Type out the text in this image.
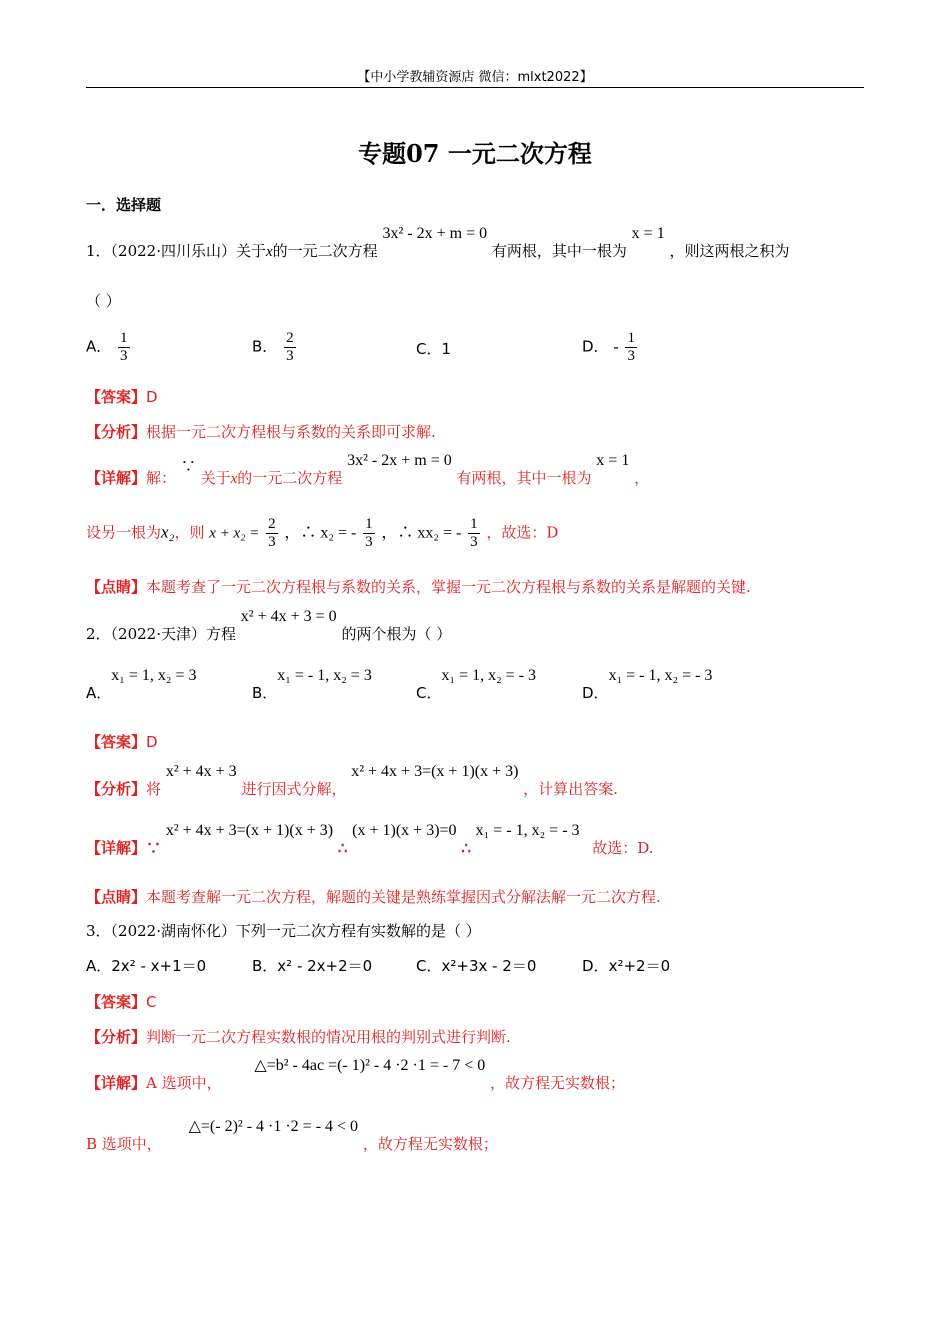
【中小学教辅资源店 微信：mlxt2022】
专题07 一元二次方程
一．选择题
1．（2022·四川乐山）关于x的一元二次方程 3x² - 2x + m = 0 有两根，其中一根为 x = 1 ，则这两根之积为
（ ）
A． $\frac{1}{3}$	B． $\frac{2}{3}$	C．1	D． - $\frac{1}{3}$
【答案】D
【分析】根据一元二次方程根与系数的关系即可求解.
【详解】解： ∵ 关于x的一元二次方程 3x² - 2x + m = 0 有两根，其中一根为 x = 1 ，
设另一根为x₂，则 $x + x_2 = \frac{2}{3}$ ，∴ x₂ = - $\frac{1}{3}$ ，∴ xx₂ = - $\frac{1}{3}$ ，故选：D
【点睛】本题考查了一元二次方程根与系数的关系，掌握一元二次方程根与系数的关系是解题的关键.
2．（2022·天津）方程 x² + 4x + 3 = 0 的两个根为（ ）
A．x₁ = 1, x₂ = 3
B．x₁ = - 1, x₂ = 3
C．x₁ = 1, x₂ = - 3
D．x₁ = - 1, x₂ = - 3
【答案】D
【分析】将 x² + 4x + 3 进行因式分解， x² + 4x + 3=(x + 1)(x + 3) ，计算出答案.
【详解】∵ x² + 4x + 3=(x + 1)(x + 3) ∴ (x + 1)(x + 3)=0 ∴ x₁ = - 1, x₂ = - 3 故选：D.
【点睛】本题考查解一元二次方程，解题的关键是熟练掌握因式分解法解一元二次方程.
3．（2022·湖南怀化）下列一元二次方程有实数解的是（ ）
A．2x² - x+1＝0	B．x² - 2x+2＝0	C．x²+3x - 2＝0	D．x²+2＝0
【答案】C
【分析】判断一元二次方程实数根的情况用根的判别式进行判断.
【详解】A 选项中， △=b² - 4ac =(- 1)² - 4 ·2 ·1 = - 7 < 0 ，故方程无实数根；
B 选项中， △=(- 2)² - 4 ·1 ·2 = - 4 < 0 ，故方程无实数根；
